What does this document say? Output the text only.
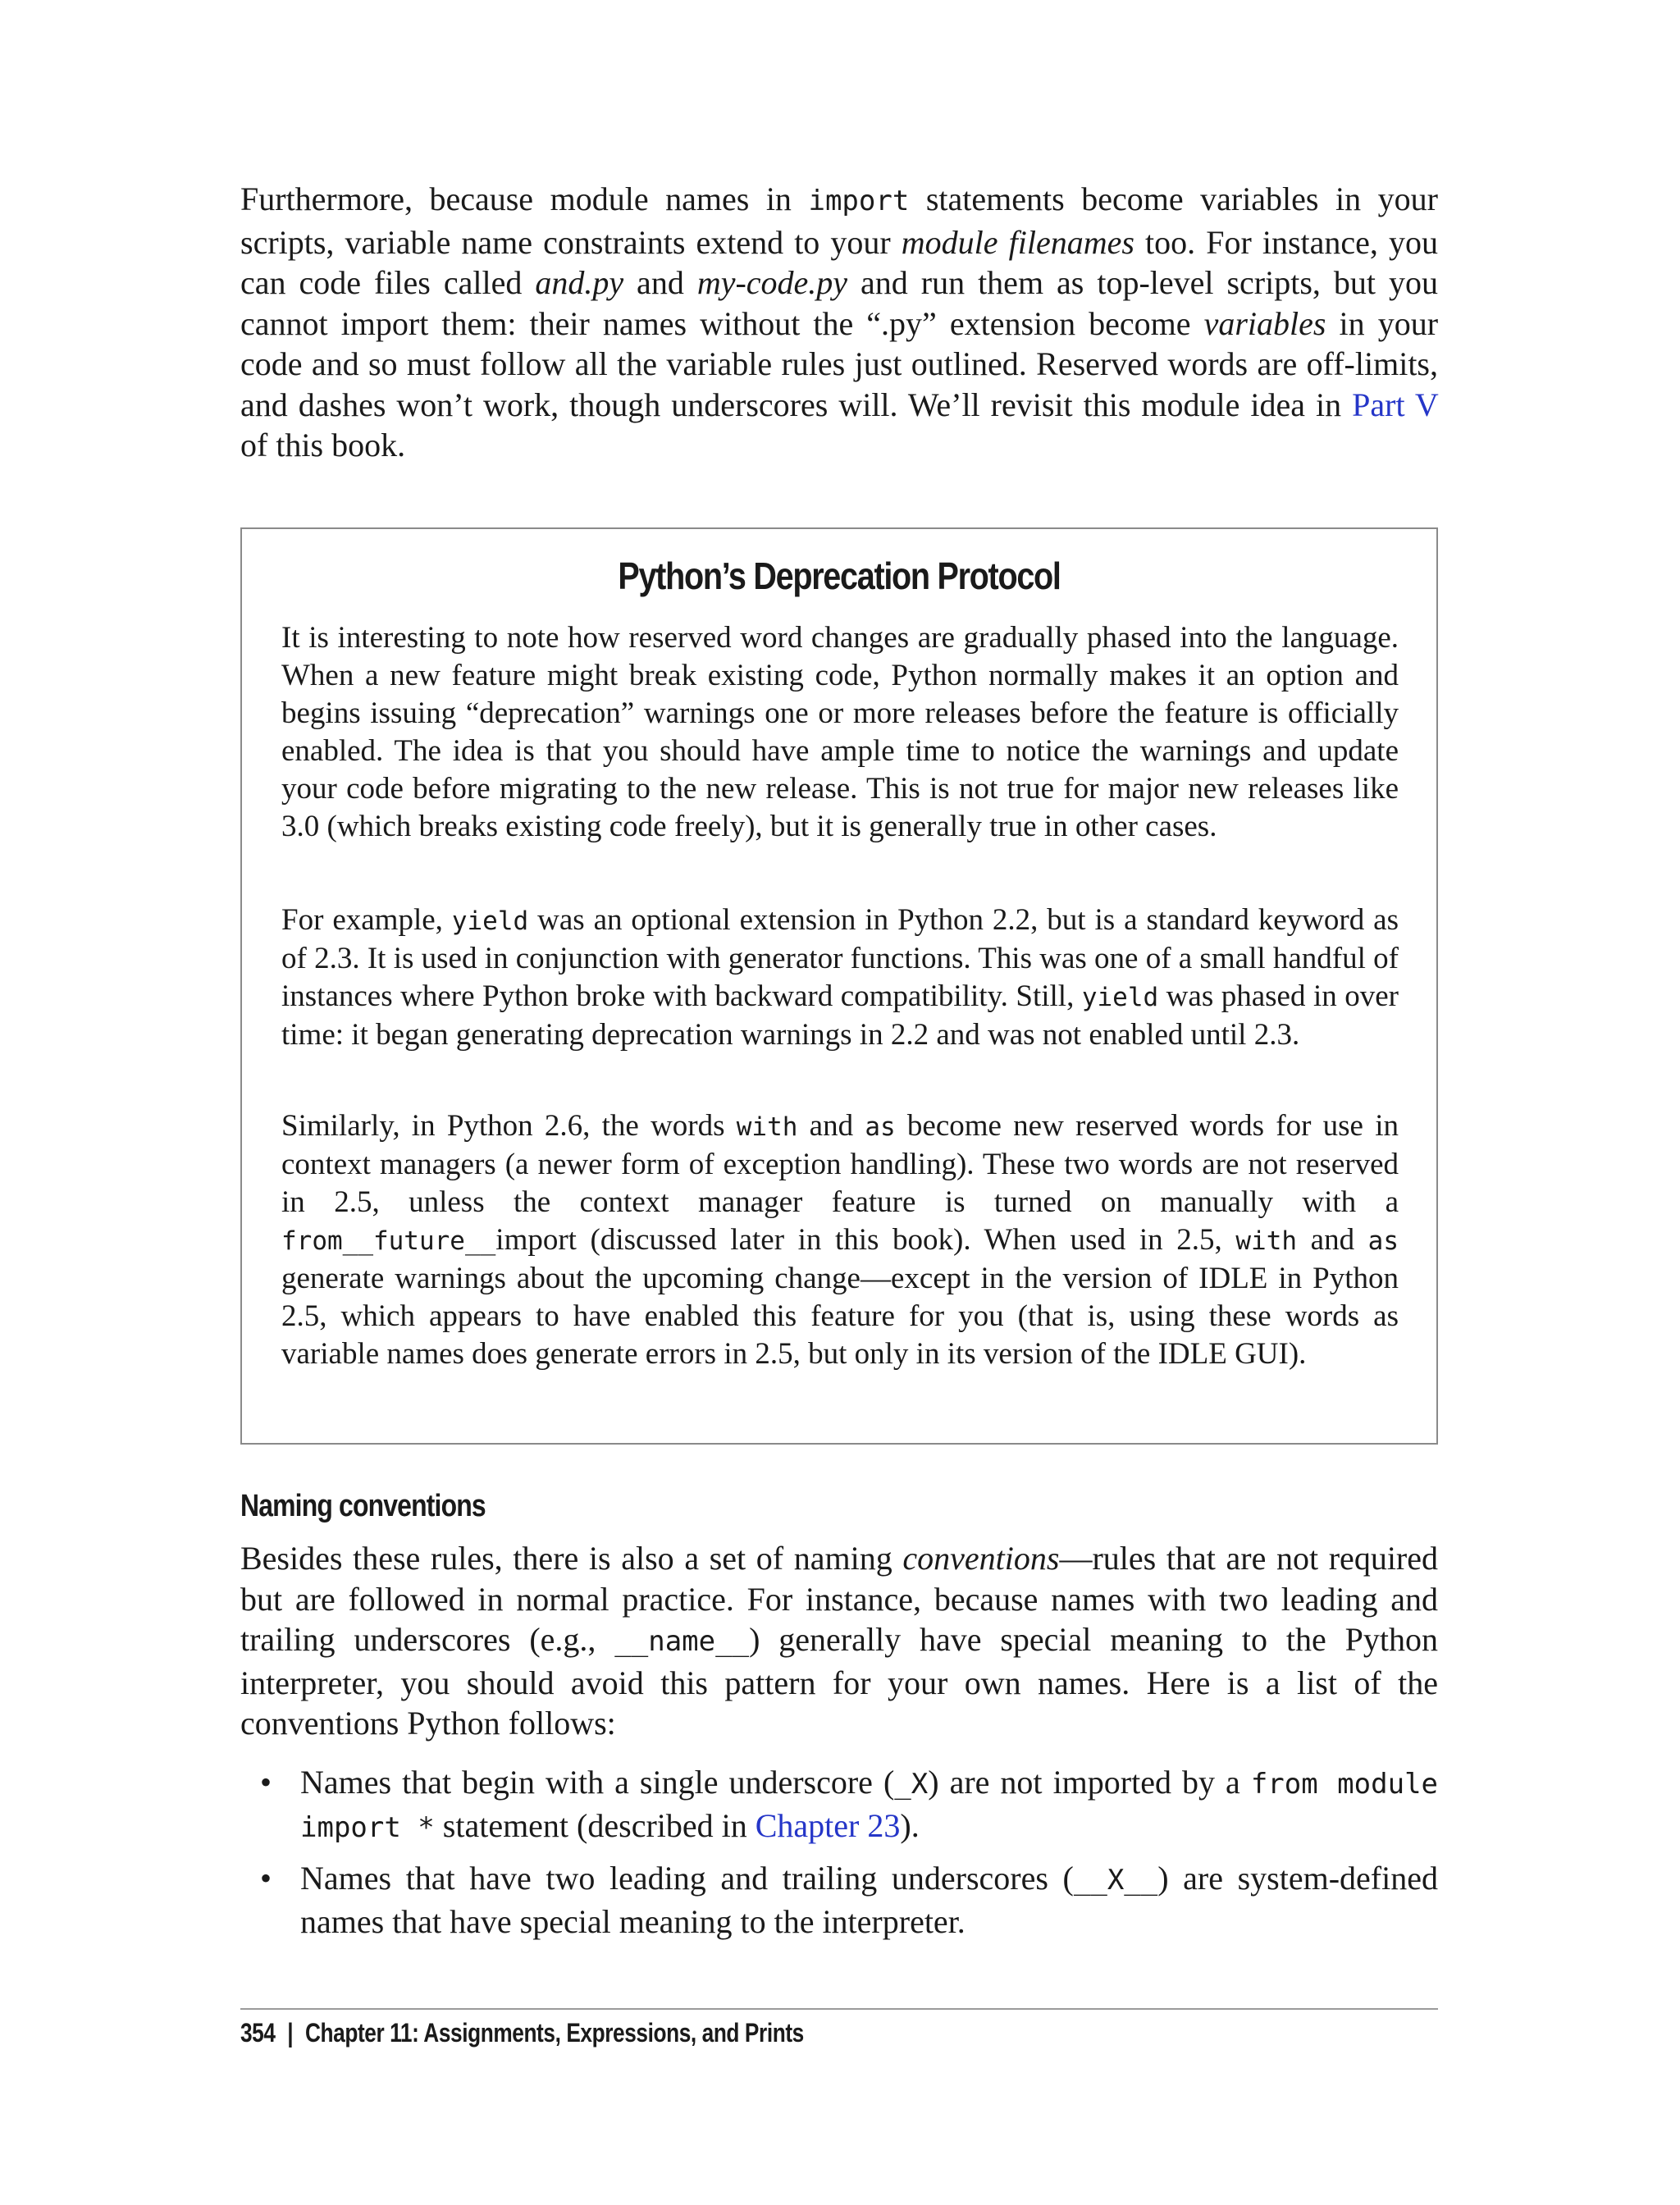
Furthermore, because module names in import statements become variables in your scripts, variable name constraints extend to your module filenames too. For instance, you can code files called and.py and my-code.py and run them as top-level scripts, but you cannot import them: their names without the “.py” extension become variables in your code and so must follow all the variable rules just outlined. Reserved words are off-limits, and dashes won’t work, though underscores will. We’ll revisit this module idea in Part V of this book.

Python’s Deprecation Protocol

It is interesting to note how reserved word changes are gradually phased into the language. When a new feature might break existing code, Python normally makes it an option and begins issuing “deprecation” warnings one or more releases before the feature is officially enabled. The idea is that you should have ample time to notice the warnings and update your code before migrating to the new release. This is not true for major new releases like 3.0 (which breaks existing code freely), but it is generally true in other cases.

For example, yield was an optional extension in Python 2.2, but is a standard keyword as of 2.3. It is used in conjunction with generator functions. This was one of a small handful of instances where Python broke with backward compatibility. Still, yield was phased in over time: it began generating deprecation warnings in 2.2 and was not enabled until 2.3.

Similarly, in Python 2.6, the words with and as become new reserved words for use in context managers (a newer form of exception handling). These two words are not reserved in 2.5, unless the context manager feature is turned on manually with a from__future__import (discussed later in this book). When used in 2.5, with and as generate warnings about the upcoming change—except in the version of IDLE in Python 2.5, which appears to have enabled this feature for you (that is, using these words as variable names does generate errors in 2.5, but only in its version of the IDLE GUI).

Naming conventions

Besides these rules, there is also a set of naming conventions—rules that are not required but are followed in normal practice. For instance, because names with two leading and trailing underscores (e.g., __name__) generally have special meaning to the Python interpreter, you should avoid this pattern for your own names. Here is a list of the conventions Python follows:

• Names that begin with a single underscore (_X) are not imported by a from module import * statement (described in Chapter 23).
• Names that have two leading and trailing underscores (__X__) are system-defined names that have special meaning to the interpreter.

354 | Chapter 11: Assignments, Expressions, and Prints
